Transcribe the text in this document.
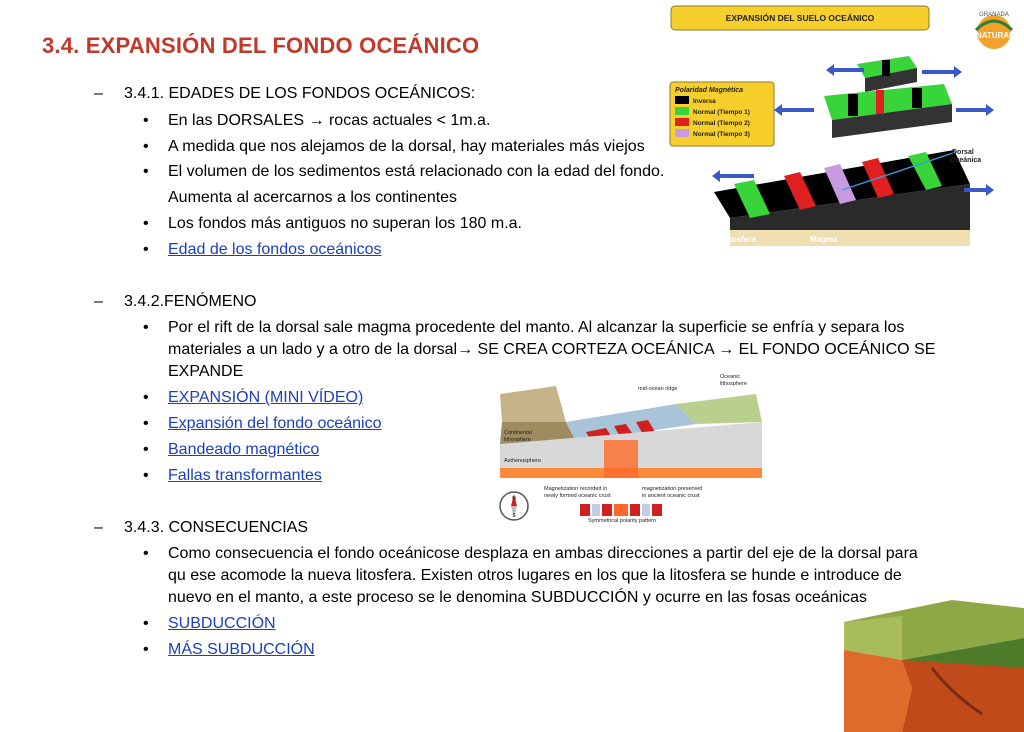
3.4. EXPANSIÓN DEL FONDO OCEÁNICO
– 3.4.1. EDADES DE LOS FONDOS OCEÁNICOS:
• En las DORSALES → rocas actuales < 1m.a.
• A medida que nos alejamos de la dorsal, hay materiales más viejos
• El volumen de los sedimentos está relacionado con la edad del fondo.
Aumenta al acercarnos a los continentes
• Los fondos más antiguos no superan los 180 m.a.
• Edad de los fondos oceánicos
– 3.4.2.FENÓMENO
• Por el rift de la dorsal sale magma procedente del manto. Al alcanzar la superficie se enfría y separa los
materiales a un lado y a otro de la dorsal→ SE CREA CORTEZA OCEÁNICA → EL FONDO OCEÁNICO SE
EXPANDE
• EXPANSIÓN (MINI VÍDEO)
• Expansión del fondo oceánico
• Bandeado magnético
• Fallas transformantes
– 3.4.3. CONSECUENCIAS
• Como consecuencia el fondo oceánicose desplaza en ambas direcciones a partir del eje de la dorsal para
qu ese acomode la nueva litosfera. Existen otros lugares en los que la litosfera se hunde e introduce de
nuevo en el manto, a este proceso se le denomina SUBDUCCIÓN y ocurre en las fosas oceánicas
• SUBDUCCIÓN
• MÁS SUBDUCCIÓN
EXPANSIÓN DEL SUELO OCEÁNICO	GRANADA
NATURAL
Polaridad Magnética
Inversa
Normal (Tiempo 1)
Normal (Tiempo 2)
Normal (Tiempo 3)
Dorsal
Oceánica
Litosfera	Magma
mid-ocean ridge
Oceanic
lithosphere
Continental
lithosphere
Asthenosphere
N
S
Magnetization recorded in
newly formed oceanic crust
magnetization preserved
in ancient oceanic crust
Symmetrical polarity pattern
